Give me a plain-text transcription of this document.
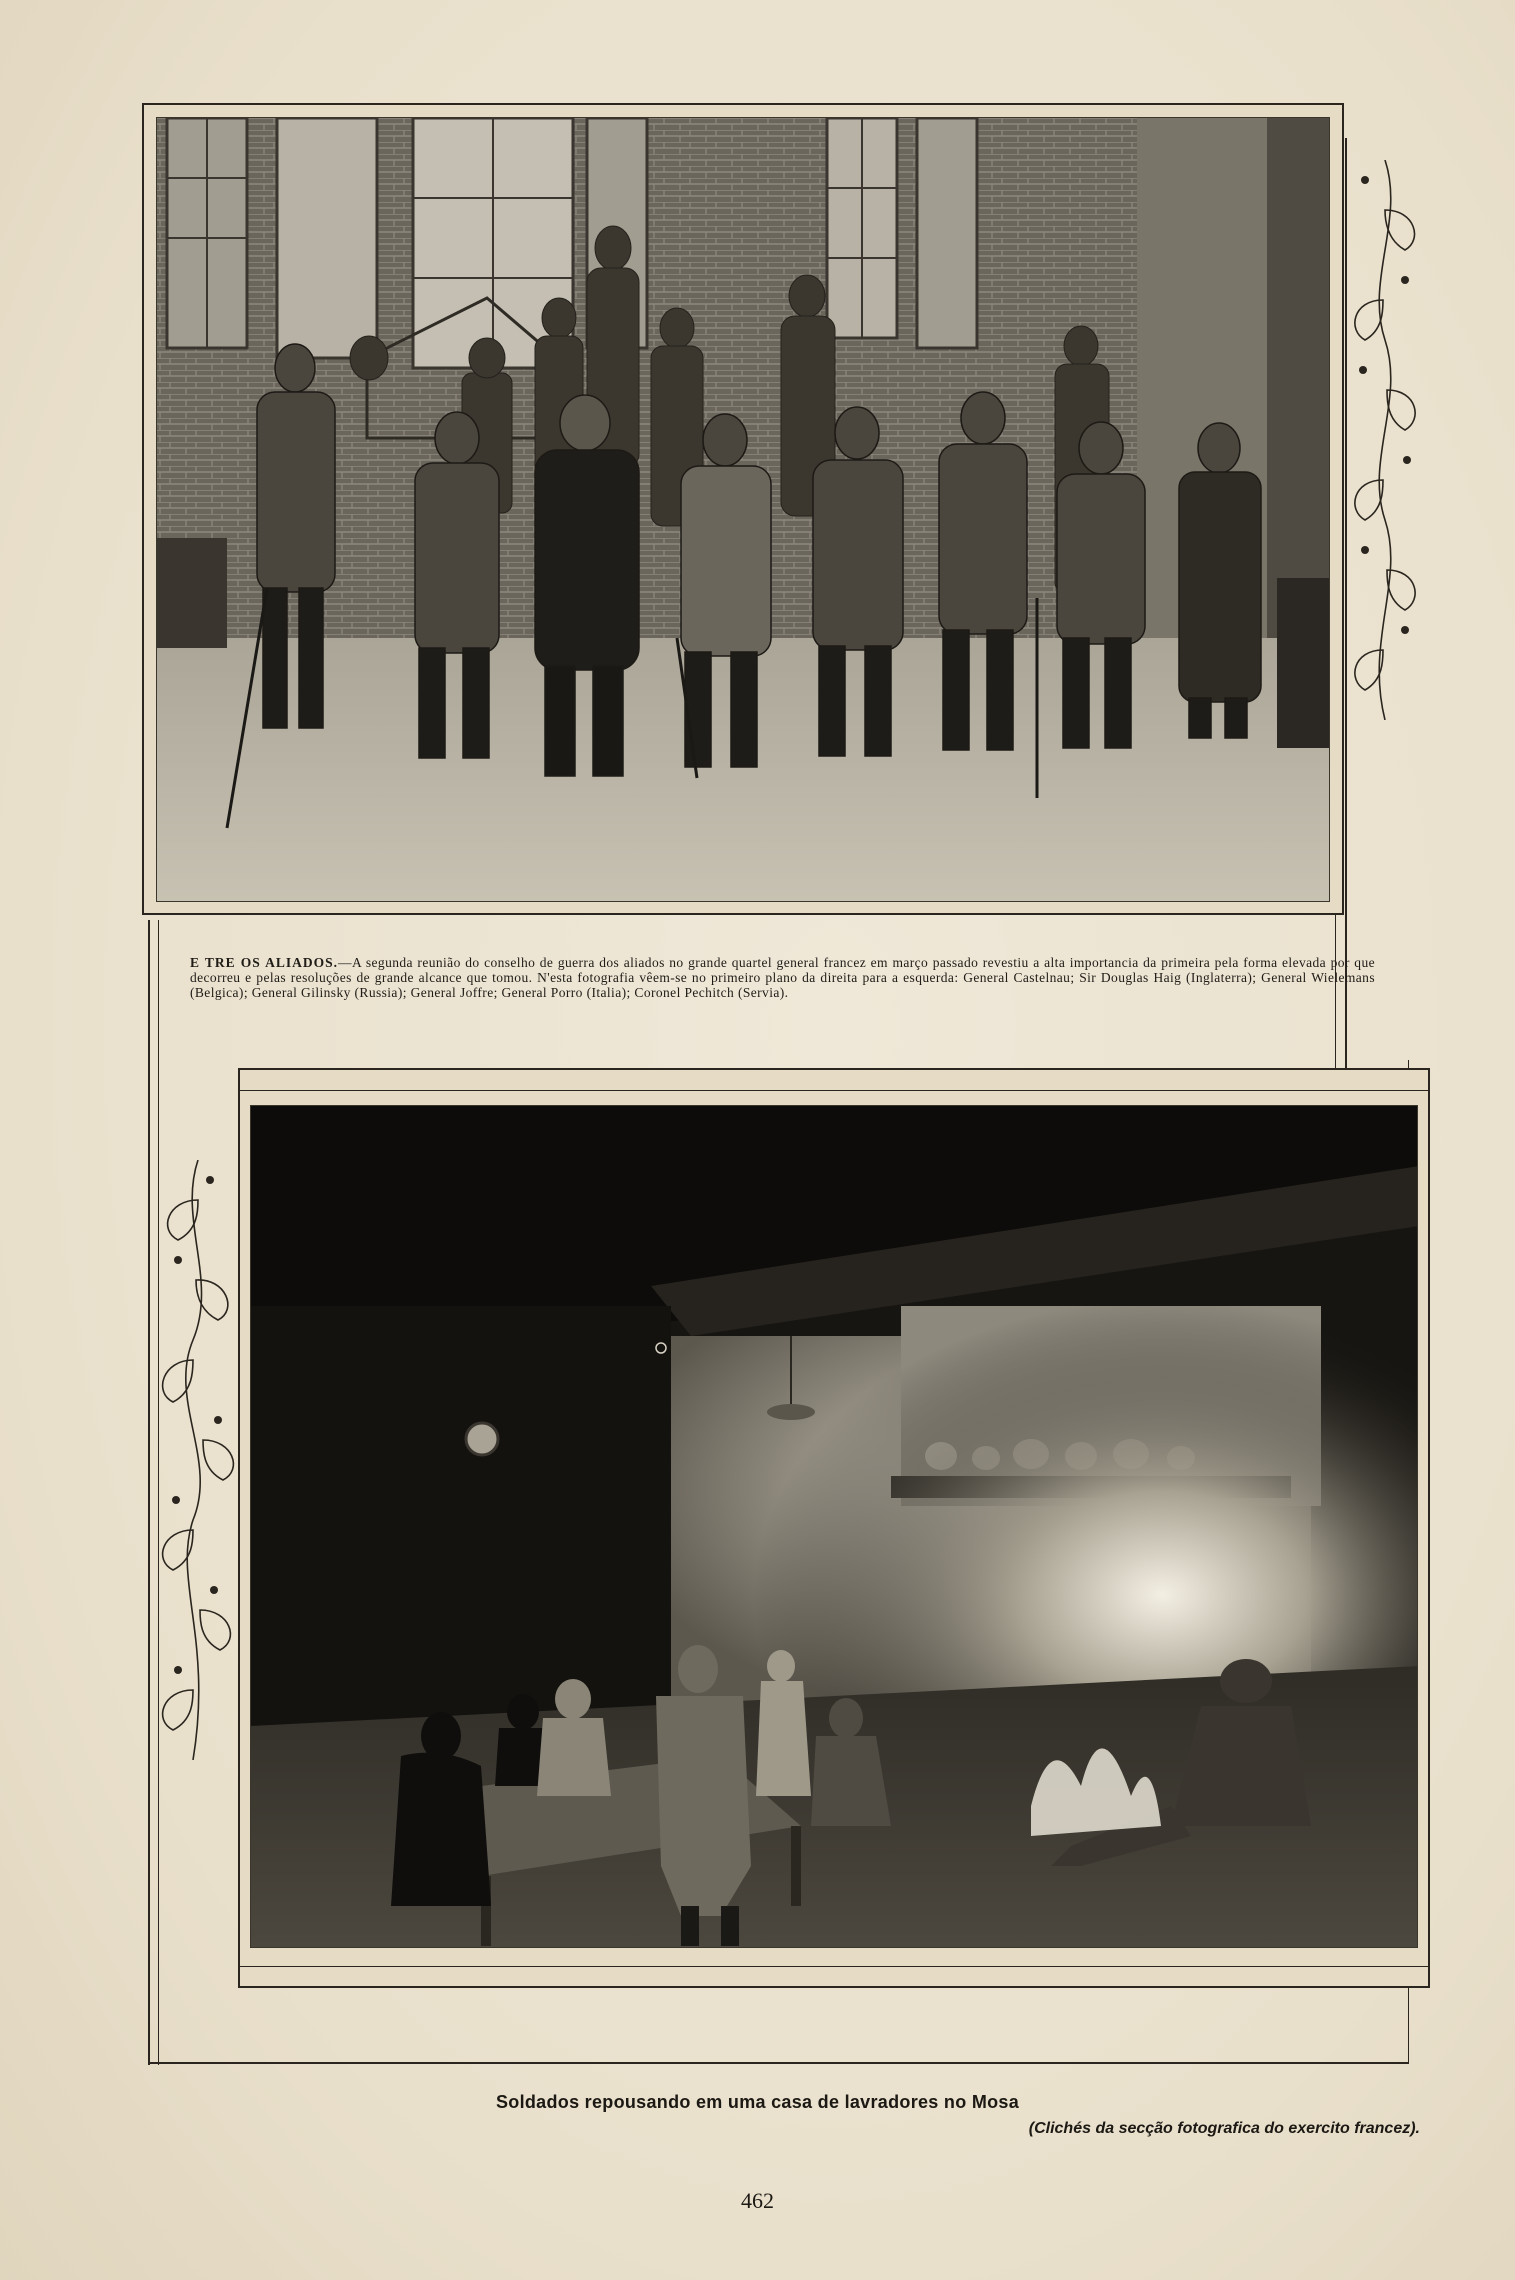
E TRE OS ALIADOS.—A segunda reunião do conselho de guerra dos aliados no grande quartel general francez em março passado revestiu a alta importancia da primeira pela forma elevada por que decorreu e pelas resoluções de grande alcance que tomou. N'esta fotografia vêem-se no primeiro plano da direita para a esquerda: General Castelnau; Sir Douglas Haig (Inglaterra); General Wielemans (Belgica); General Gilinsky (Russia); General Joffre; General Porro (Italia); Coronel Pechitch (Servia).
Soldados repousando em uma casa de lavradores no Mosa
(Clichés da secção fotografica do exercito francez).
462
